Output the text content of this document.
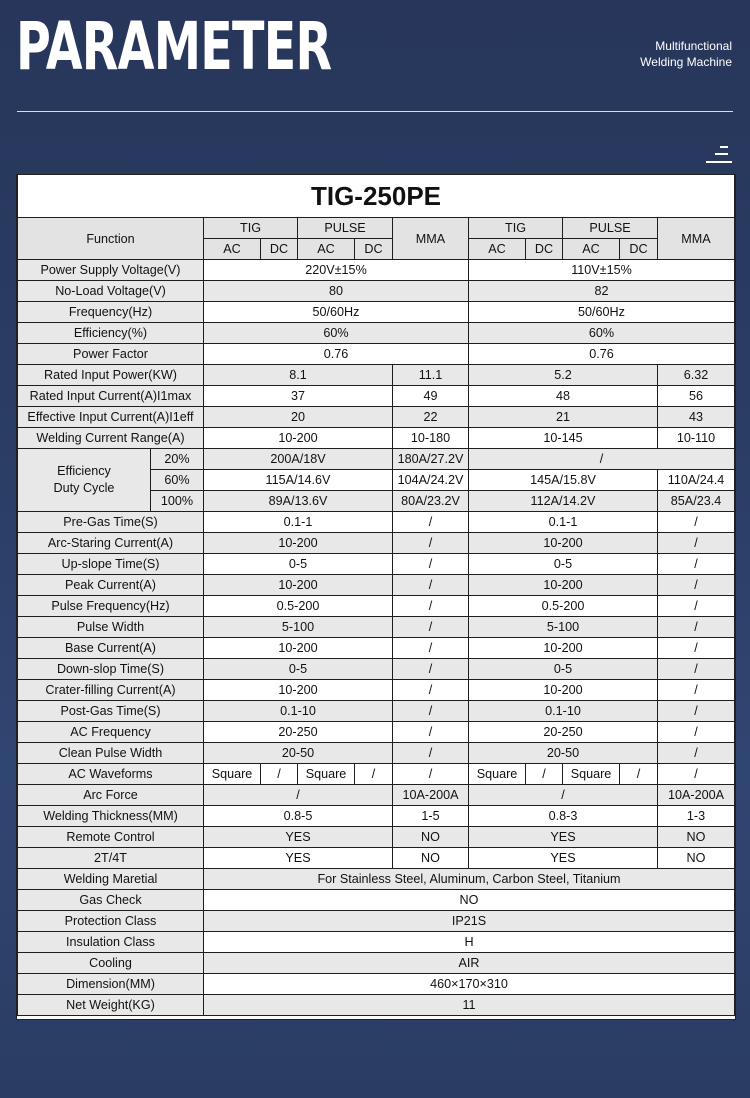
PARAMETER	Multifunctional
Welding Machine
TIG-250PE											
Function		TIG		PULSE		MMA	TIG		PULSE		MMA
		AC	DC	AC	DC		AC	DC	AC	DC	
Power Supply Voltage(V)		220V±15%					110V±15%				
No-Load Voltage(V)		80					82				
Frequency(Hz)		50/60Hz					50/60Hz				
Efficiency(%)		60%					60%				
Power Factor		0.76					0.76				
Rated Input Power(KW)		8.1				11.1	5.2				6.32
Rated Input Current(A)I1max		37				49	48				56
Effective Input Current(A)I1eff		20				22	21				43
Welding Current Range(A)		10-200				10-180	10-145				10-110

Efficiency
Duty Cycle	20%	200A/18V				180A/27.2V	/				
	60%	115A/14.6V				104A/24.2V	145A/15.8V				110A/24.4
	100%	89A/13.6V				80A/23.2V	112A/14.2V				85A/23.4
Pre-Gas Time(S)		0.1-1				/	0.1-1				/
Arc-Staring Current(A)		10-200				/	10-200				/
Up-slope Time(S)		0-5				/	0-5				/
Peak Current(A)		10-200				/	10-200				/
Pulse Frequency(Hz)		0.5-200				/	0.5-200				/
Pulse Width		5-100				/	5-100				/
Base Current(A)		10-200				/	10-200				/
Down-slop Time(S)		0-5				/	0-5				/
Crater-filling Current(A)		10-200				/	10-200				/
Post-Gas Time(S)		0.1-10				/	0.1-10				/
AC Frequency		20-250				/	20-250				/
Clean Pulse Width		20-50				/	20-50				/
AC Waveforms		Square	/	Square	/	/	Square	/	Square	/	/
Arc Force		/				10A-200A	/				10A-200A
Welding Thickness(MM)		0.8-5				1-5	0.8-3				1-3
Remote Control		YES				NO	YES				NO
2T/4T		YES				NO	YES				NO
Welding Maretial		For Stainless Steel, Aluminum, Carbon Steel, Titanium									
Gas Check		NO									
Protection Class		IP21S									
Insulation Class		H									
Cooling		AIR									
Dimension(MM)		460×170×310									
Net Weight(KG)		11									
